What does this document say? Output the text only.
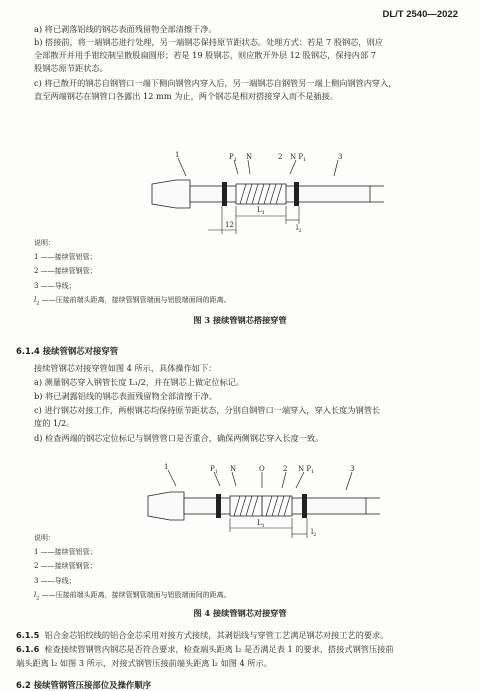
DL/T 2540—2022
a) 将已剥落铝线的钢芯表面残留物全部清擦干净。
b) 搭接前，将一端钢芯进行处理，另一端钢芯保持原节距状态。处理方式：若是 7 股钢芯，则应
全部散开并用手钳绞制呈散股扁圆形；若是 19 股钢芯，则应散开外层 12 股钢芯，保持内部 7
股钢芯原节距状态。
c) 将已散开的钢芯自钢管口一端下侧向钢管内穿入后，另一端钢芯自钢管另一端上侧向钢管内穿入，
直至两端钢芯在钢管口各露出 12 mm 为止，两个钢芯是相对搭接穿入而不是插接。
1	$P_1$ N	2 N $P_1$	3
12
$L_1$
$l_2$
说明：
1 ——接续管铝管；
2 ——接续管钢管；
3 ——导线；
$l_2$ ——压接前端头距离，接续管钢管端面与铝股端面间的距离。
图 3 接续管钢芯搭接穿管
6.1.4 接续管钢芯对接穿管
接续管钢芯对接穿管如图 4 所示，具体操作如下：
a) 测量钢芯穿入钢管长度 L₁/2，并在钢芯上做定位标记。
b) 将已剥露铝线的钢芯表面残留物全部清擦干净。
c) 进行钢芯对接工作，两根钢芯均保持原节距状态，分别自钢管口一端穿入，穿入长度为钢管长
度的 1/2。
d) 检查两端的钢芯定位标记与钢管管口是否重合，确保两侧钢芯穿入长度一致。
1	$P_1$ N	O	2 N $P_1$	3
$L_1$
$l_2$
说明：
1 ——接续管铝管；
2 ——接续管钢管；
3 ——导线；
$l_2$ ——压接前端头距离，接续管钢管端面与铝股端面间的距离。
图 4 接续管钢芯对接穿管
6.1.5 铝合金芯铝绞线的铝合金芯采用对接方式接续，其剥铝线与穿管工艺满足钢芯对接工艺的要求。
6.1.6 检查接续管钢管内钢芯是否符合要求，检查端头距离 l₂ 是否满足表 1 的要求，搭接式钢管压接前
端头距离 l₂ 如图 3 所示，对接式钢管压接前端头距离 l₂ 如图 4 所示。
6.2 接续管钢管压接部位及操作顺序
